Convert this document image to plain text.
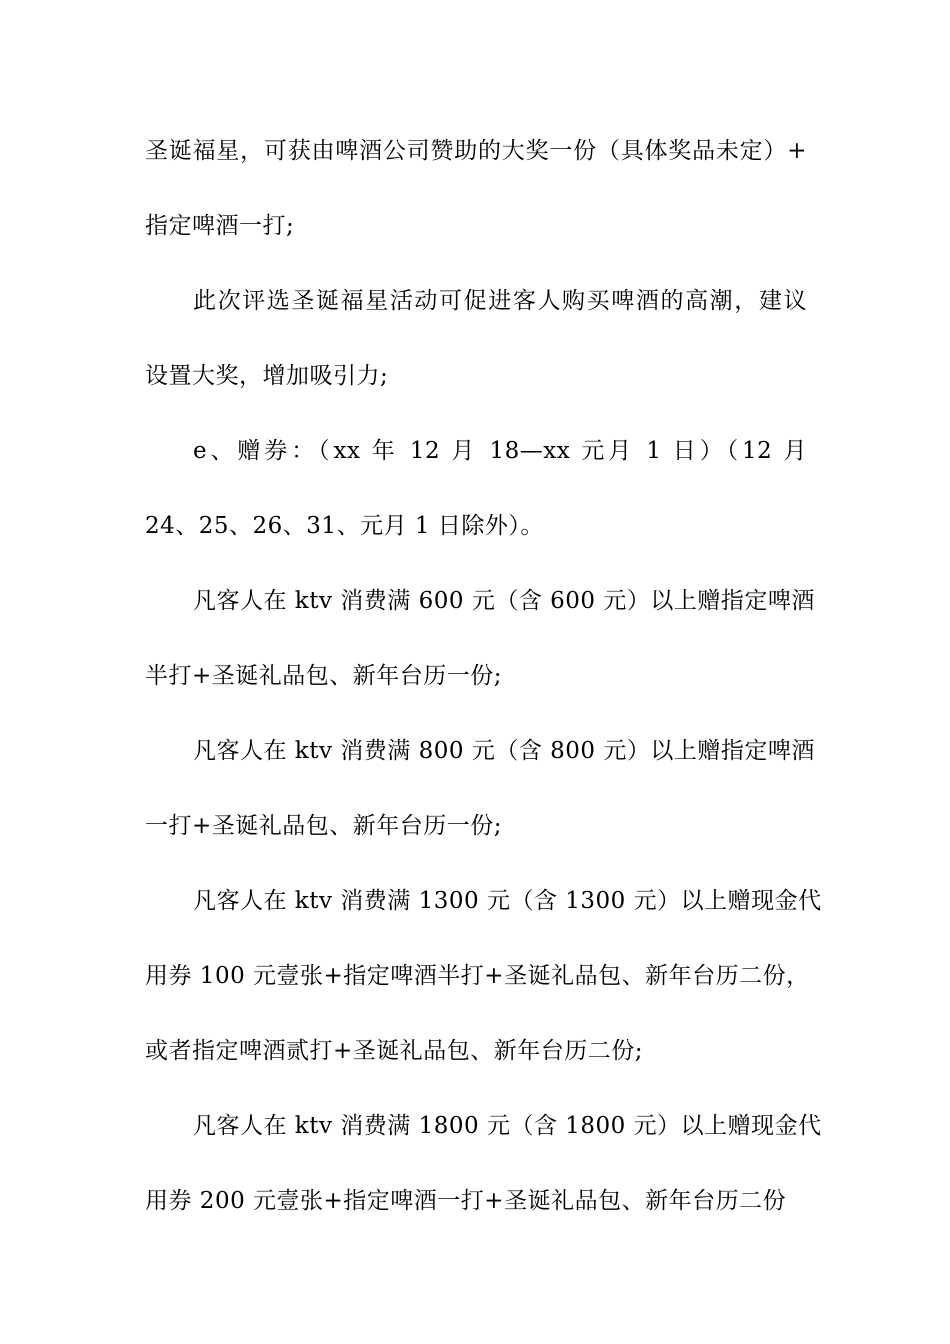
圣诞福星，可获由啤酒公司赞助的大奖一份（具体奖品未定）+
指定啤酒一打;
此次评选圣诞福星活动可促进客人购买啤酒的高潮，建议
设置大奖，增加吸引力;
e、赠券：（xx 年 12 月 18—xx 元月 1 日）（12 月
24、25、26、31、元月 1 日除外）。
凡客人在 ktv 消费满 600 元（含 600 元）以上赠指定啤酒
半打+圣诞礼品包、新年台历一份;
凡客人在 ktv 消费满 800 元（含 800 元）以上赠指定啤酒
一打+圣诞礼品包、新年台历一份;
凡客人在 ktv 消费满 1300 元（含 1300 元）以上赠现金代
用券 100 元壹张+指定啤酒半打+圣诞礼品包、新年台历二份，
或者指定啤酒贰打+圣诞礼品包、新年台历二份;
凡客人在 ktv 消费满 1800 元（含 1800 元）以上赠现金代
用券 200 元壹张+指定啤酒一打+圣诞礼品包、新年台历二份
